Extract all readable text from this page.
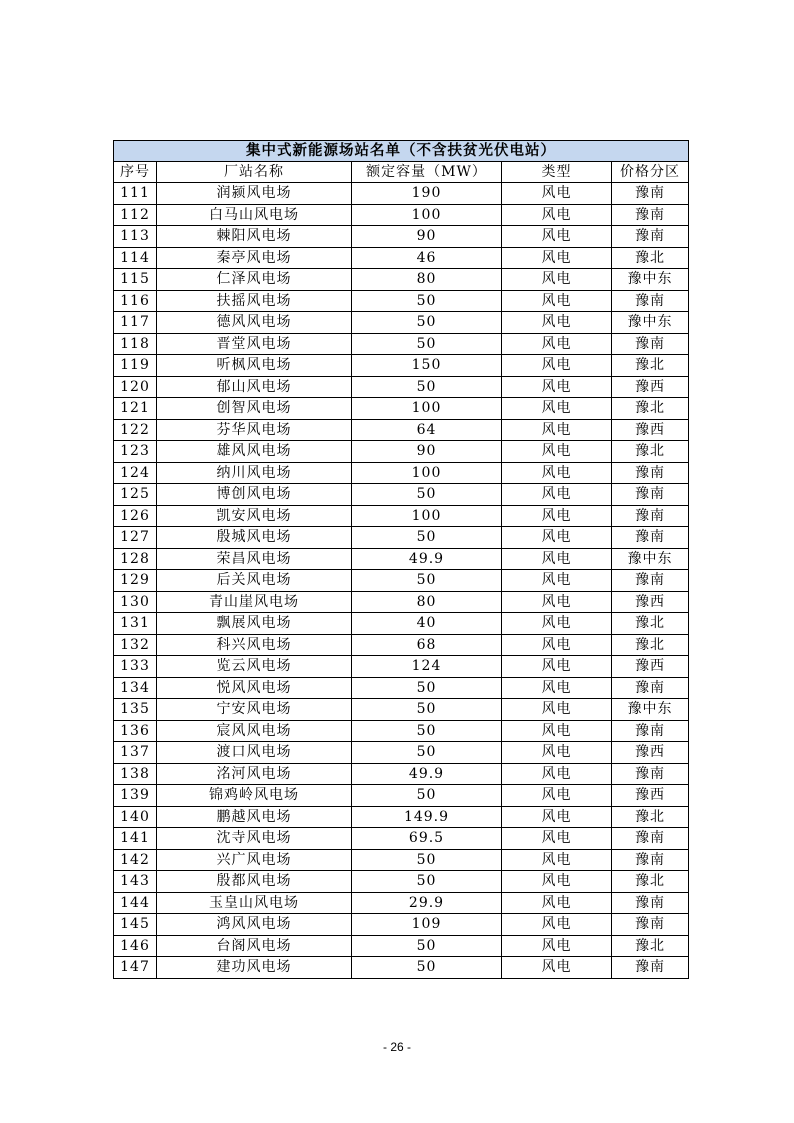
集中式新能源场站名单（不含扶贫光伏电站）				
序号	厂站名称	额定容量（MW）	类型	价格分区
111	润颍风电场	190	风电	豫南
112	白马山风电场	100	风电	豫南
113	棘阳风电场	90	风电	豫南
114	秦亭风电场	46	风电	豫北
115	仁泽风电场	80	风电	豫中东
116	扶摇风电场	50	风电	豫南
117	德风风电场	50	风电	豫中东
118	晋堂风电场	50	风电	豫南
119	听枫风电场	150	风电	豫北
120	郁山风电场	50	风电	豫西
121	创智风电场	100	风电	豫北
122	芬华风电场	64	风电	豫西
123	雄风风电场	90	风电	豫北
124	纳川风电场	100	风电	豫南
125	博创风电场	50	风电	豫南
126	凯安风电场	100	风电	豫南
127	殷城风电场	50	风电	豫南
128	荣昌风电场	49.9	风电	豫中东
129	后关风电场	50	风电	豫南
130	青山崖风电场	80	风电	豫西
131	飘展风电场	40	风电	豫北
132	科兴风电场	68	风电	豫北
133	览云风电场	124	风电	豫西
134	悦风风电场	50	风电	豫南
135	宁安风电场	50	风电	豫中东
136	宸风风电场	50	风电	豫南
137	渡口风电场	50	风电	豫西
138	洺河风电场	49.9	风电	豫南
139	锦鸡岭风电场	50	风电	豫西
140	鹏越风电场	149.9	风电	豫北
141	沈寺风电场	69.5	风电	豫南
142	兴广风电场	50	风电	豫南
143	殷都风电场	50	风电	豫北
144	玉皇山风电场	29.9	风电	豫南
145	鸿风风电场	109	风电	豫南
146	台阁风电场	50	风电	豫北
147	建功风电场	50	风电	豫南
- 26 -
